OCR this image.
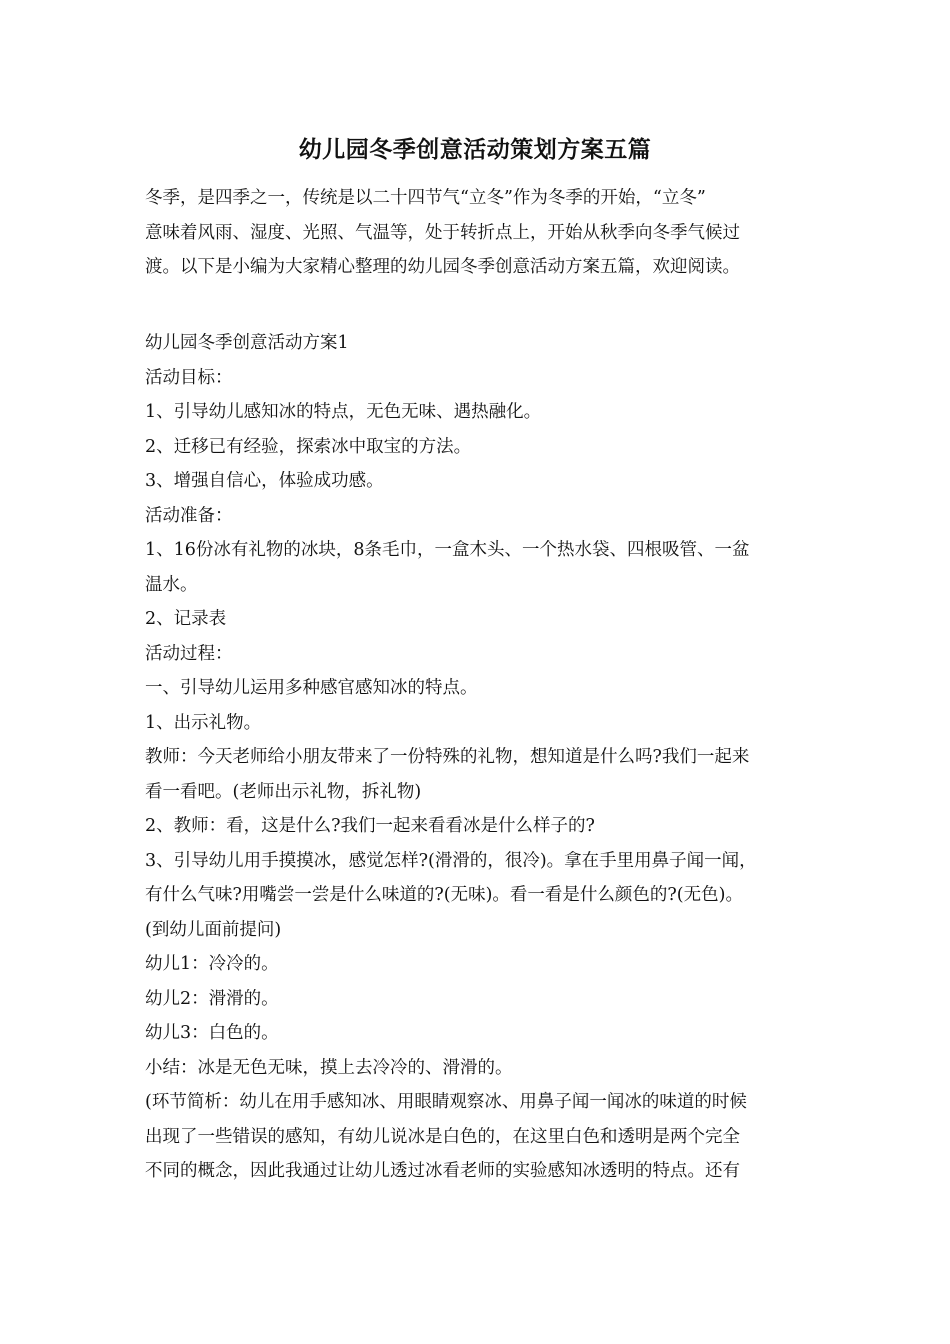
幼儿园冬季创意活动策划方案五篇
冬季，是四季之一，传统是以二十四节气“立冬”作为冬季的开始，“立冬”
意味着风雨、湿度、光照、气温等，处于转折点上，开始从秋季向冬季气候过
渡。以下是小编为大家精心整理的幼儿园冬季创意活动方案五篇，欢迎阅读。
幼儿园冬季创意活动方案1
活动目标：
1、引导幼儿感知冰的特点，无色无味、遇热融化。
2、迁移已有经验，探索冰中取宝的方法。
3、增强自信心，体验成功感。
活动准备：
1、16份冰有礼物的冰块，8条毛巾，一盒木头、一个热水袋、四根吸管、一盆
温水。
2、记录表
活动过程：
一、引导幼儿运用多种感官感知冰的特点。
1、出示礼物。
教师：今天老师给小朋友带来了一份特殊的礼物，想知道是什么吗?我们一起来
看一看吧。(老师出示礼物，拆礼物)
2、教师：看，这是什么?我们一起来看看冰是什么样子的?
3、引导幼儿用手摸摸冰，感觉怎样?(滑滑的，很冷)。拿在手里用鼻子闻一闻，
有什么气味?用嘴尝一尝是什么味道的?(无味)。看一看是什么颜色的?(无色)。
(到幼儿面前提问)
幼儿1：冷冷的。
幼儿2：滑滑的。
幼儿3：白色的。
小结：冰是无色无味，摸上去冷冷的、滑滑的。
(环节简析：幼儿在用手感知冰、用眼睛观察冰、用鼻子闻一闻冰的味道的时候
出现了一些错误的感知，有幼儿说冰是白色的，在这里白色和透明是两个完全
不同的概念，因此我通过让幼儿透过冰看老师的实验感知冰透明的特点。还有
